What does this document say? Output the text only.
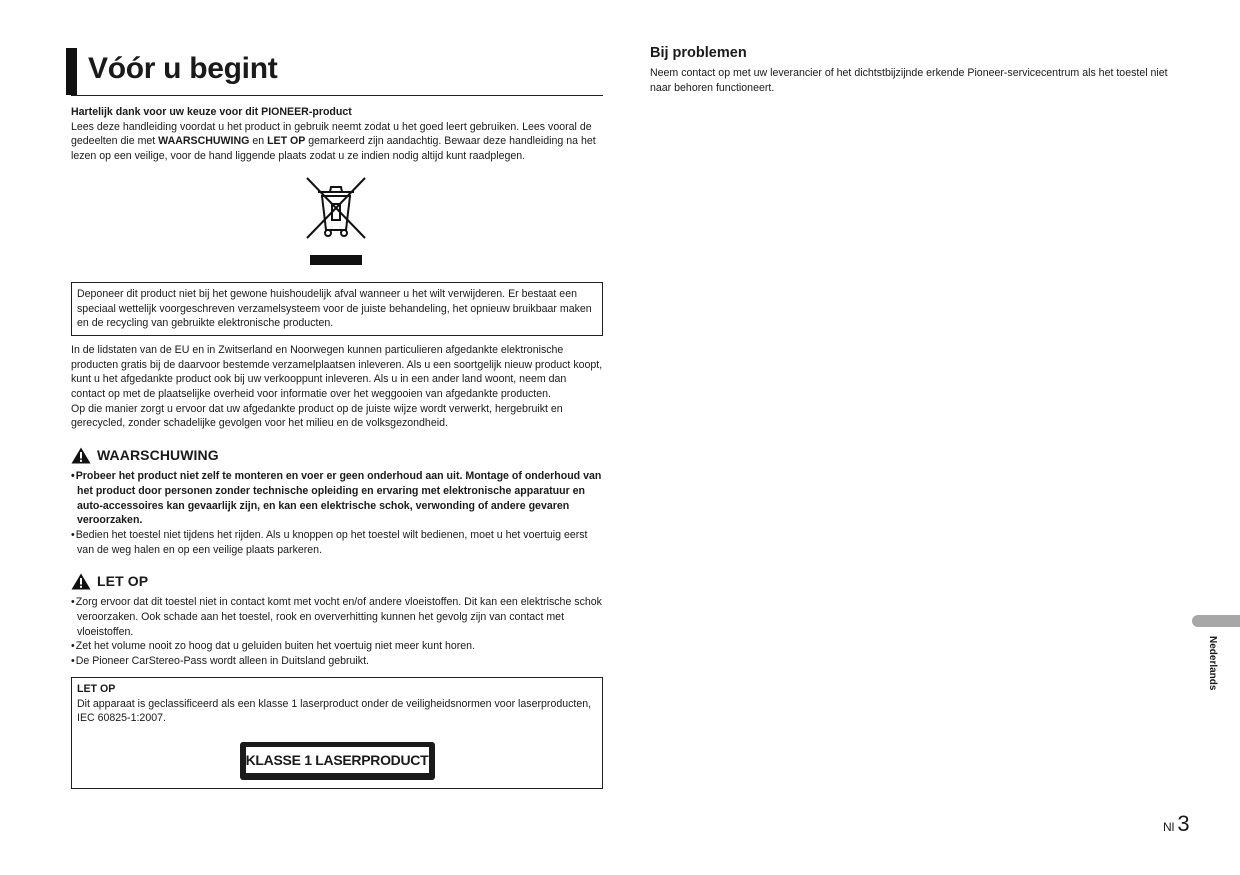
Vóór u begint

Hartelijk dank voor uw keuze voor dit PIONEER-product

Lees deze handleiding voordat u het product in gebruik neemt zodat u het goed leert gebruiken. Lees vooral de gedeelten die met WAARSCHUWING en LET OP gemarkeerd zijn aandachtig. Bewaar deze handleiding na het lezen op een veilige, voor de hand liggende plaats zodat u ze indien nodig altijd kunt raadplegen.

Deponeer dit product niet bij het gewone huishoudelijk afval wanneer u het wilt verwijderen. Er bestaat een speciaal wettelijk voorgeschreven verzamelsysteem voor de juiste behandeling, het opnieuw bruikbaar maken en de recycling van gebruikte elektronische producten.

In de lidstaten van de EU en in Zwitserland en Noorwegen kunnen particulieren afgedankte elektronische producten gratis bij de daarvoor bestemde verzamelplaatsen inleveren. Als u een soortgelijk nieuw product koopt, kunt u het afgedankte product ook bij uw verkooppunt inleveren. Als u in een ander land woont, neem dan contact op met de plaatselijke overheid voor informatie over het weggooien van afgedankte producten.

Op die manier zorgt u ervoor dat uw afgedankte product op de juiste wijze wordt verwerkt, hergebruikt en gerecycled, zonder schadelijke gevolgen voor het milieu en de volksgezondheid.

WAARSCHUWING
• Probeer het product niet zelf te monteren en voer er geen onderhoud aan uit. Montage of onderhoud van het product door personen zonder technische opleiding en ervaring met elektronische apparatuur en auto-accessoires kan gevaarlijk zijn, en kan een elektrische schok, verwonding of andere gevaren veroorzaken.
• Bedien het toestel niet tijdens het rijden. Als u knoppen op het toestel wilt bedienen, moet u het voertuig eerst van de weg halen en op een veilige plaats parkeren.
LET OP
• Zorg ervoor dat dit toestel niet in contact komt met vocht en/of andere vloeistoffen. Dit kan een elektrische schok veroorzaken. Ook schade aan het toestel, rook en oververhitting kunnen het gevolg zijn van contact met vloeistoffen.
• Zet het volume nooit zo hoog dat u geluiden buiten het voertuig niet meer kunt horen.
• De Pioneer CarStereo-Pass wordt alleen in Duitsland gebruikt.

LET OP

Dit apparaat is geclassificeerd als een klasse 1 laserproduct onder de veiligheidsnormen voor laserproducten, IEC 60825-1:2007.

KLASSE 1 LASERPRODUCT
Bij problemen

Neem contact op met uw leverancier of het dichtstbijzijnde erkende Pioneer-servicecentrum als het toestel niet naar behoren functioneert.

Nederlands
Nl 3
